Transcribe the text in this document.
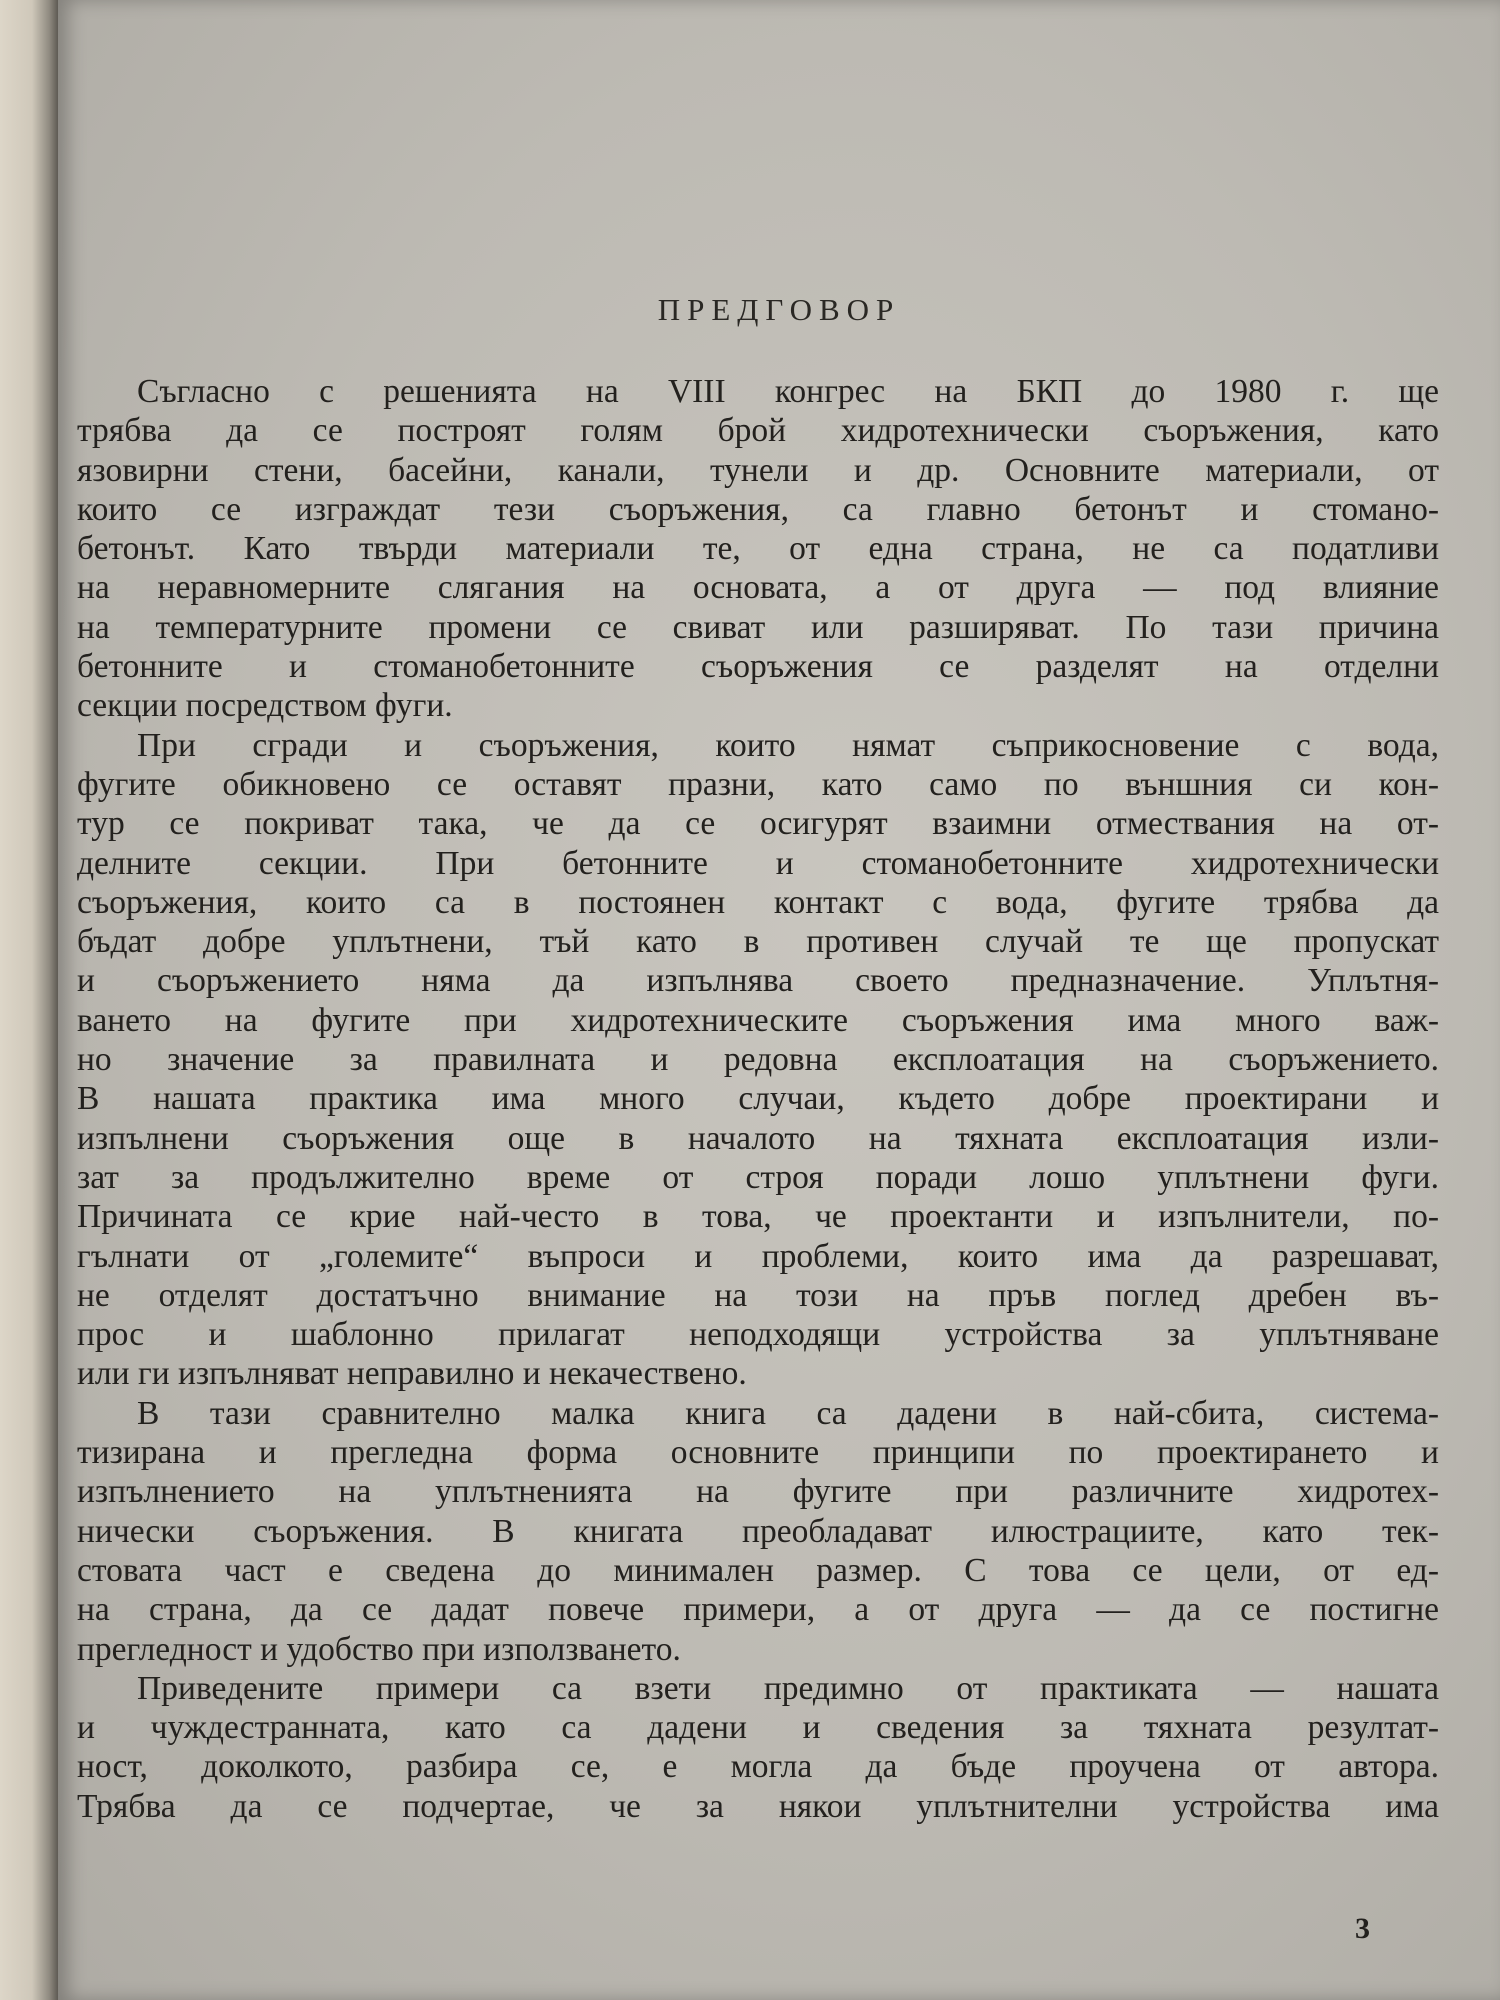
ПРЕДГОВОР
Съгласно с решенията на VIII конгрес на БКП до 1980 г. ще
трябва да се построят голям брой хидротехнически съоръжения, като
язовирни стени, басейни, канали, тунели и др. Основните материали, от
които се изграждат тези съоръжения, са главно бетонът и стомано-
бетонът. Като твърди материали те, от една страна, не са податливи
на неравномерните слягания на основата, а от друга — под влияние
на температурните промени се свиват или разширяват. По тази причина
бетонните и стоманобетонните съоръжения се разделят на отделни
секции посредством фуги.
При сгради и съоръжения, които нямат съприкосновение с вода,
фугите обикновено се оставят празни, като само по външния си кон-
тур се покриват така, че да се осигурят взаимни отмествания на от-
делните секции. При бетонните и стоманобетонните хидротехнически
съоръжения, които са в постоянен контакт с вода, фугите трябва да
бъдат добре уплътнени, тъй като в противен случай те ще пропускат
и съоръжението няма да изпълнява своето предназначение. Уплътня-
ването на фугите при хидротехническите съоръжения има много важ-
но значение за правилната и редовна експлоатация на съоръжението.
В нашата практика има много случаи, където добре проектирани и
изпълнени съоръжения още в началото на тяхната експлоатация изли-
зат за продължително време от строя поради лошо уплътнени фуги.
Причината се крие най-често в това, че проектанти и изпълнители, по-
гълнати от „големите“ въпроси и проблеми, които има да разрешават,
не отделят достатъчно внимание на този на пръв поглед дребен въ-
прос и шаблонно прилагат неподходящи устройства за уплътняване
или ги изпълняват неправилно и некачествено.
В тази сравнително малка книга са дадени в най-сбита, система-
тизирана и прегледна форма основните принципи по проектирането и
изпълнението на уплътненията на фугите при различните хидротех-
нически съоръжения. В книгата преобладават илюстрациите, като тек-
стовата част е сведена до минимален размер. С това се цели, от ед-
на страна, да се дадат повече примери, а от друга — да се постигне
прегледност и удобство при използването.
Приведените примери са взети предимно от практиката — нашата
и чуждестранната, като са дадени и сведения за тяхната резултат-
ност, доколкото, разбира се, е могла да бъде проучена от автора.
Трябва да се подчертае, че за някои уплътнителни устройства има
3
